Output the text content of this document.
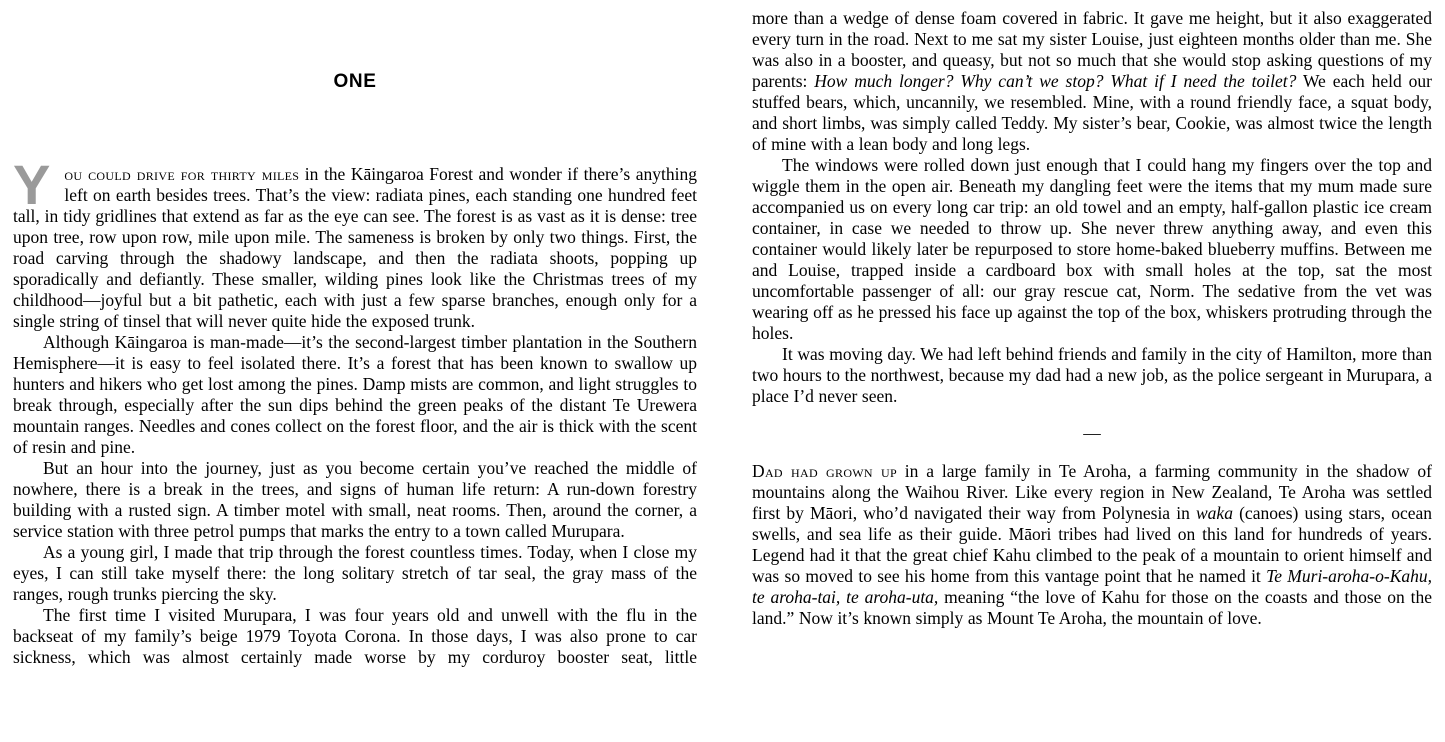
ONE

You could drive for thirty miles in the Kāingaroa Forest and wonder if there’s anything left on earth besides trees. That’s the view: radiata pines, each standing one hundred feet tall, in tidy gridlines that extend as far as the eye can see. The forest is as vast as it is dense: tree upon tree, row upon row, mile upon mile. The sameness is broken by only two things. First, the road carving through the shadowy landscape, and then the radiata shoots, popping up sporadically and defiantly. These smaller, wilding pines look like the Christmas trees of my childhood—joyful but a bit pathetic, each with just a few sparse branches, enough only for a single string of tinsel that will never quite hide the exposed trunk.

Although Kāingaroa is man-made—it’s the second-largest timber plantation in the Southern Hemisphere—it is easy to feel isolated there. It’s a forest that has been known to swallow up hunters and hikers who get lost among the pines. Damp mists are common, and light struggles to break through, especially after the sun dips behind the green peaks of the distant Te Urewera mountain ranges. Needles and cones collect on the forest floor, and the air is thick with the scent of resin and pine.

But an hour into the journey, just as you become certain you’ve reached the middle of nowhere, there is a break in the trees, and signs of human life return: A run-down forestry building with a rusted sign. A timber motel with small, neat rooms. Then, around the corner, a service station with three petrol pumps that marks the entry to a town called Murupara.

As a young girl, I made that trip through the forest countless times. Today, when I close my eyes, I can still take myself there: the long solitary stretch of tar seal, the gray mass of the ranges, rough trunks piercing the sky.

The first time I visited Murupara, I was four years old and unwell with the flu in the backseat of my family’s beige 1979 Toyota Corona. In those days, I was also prone to car sickness, which was almost certainly made worse by my corduroy booster seat, little

more than a wedge of dense foam covered in fabric. It gave me height, but it also exaggerated every turn in the road. Next to me sat my sister Louise, just eighteen months older than me. She was also in a booster, and queasy, but not so much that she would stop asking questions of my parents: How much longer? Why can’t we stop? What if I need the toilet? We each held our stuffed bears, which, uncannily, we resembled. Mine, with a round friendly face, a squat body, and short limbs, was simply called Teddy. My sister’s bear, Cookie, was almost twice the length of mine with a lean body and long legs.

The windows were rolled down just enough that I could hang my fingers over the top and wiggle them in the open air. Beneath my dangling feet were the items that my mum made sure accompanied us on every long car trip: an old towel and an empty, half-gallon plastic ice cream container, in case we needed to throw up. She never threw anything away, and even this container would likely later be repurposed to store home-baked blueberry muffins. Between me and Louise, trapped inside a cardboard box with small holes at the top, sat the most uncomfortable passenger of all: our gray rescue cat, Norm. The sedative from the vet was wearing off as he pressed his face up against the top of the box, whiskers protruding through the holes.

It was moving day. We had left behind friends and family in the city of Hamilton, more than two hours to the northwest, because my dad had a new job, as the police sergeant in Murupara, a place I’d never seen.

—

Dad had grown up in a large family in Te Aroha, a farming community in the shadow of mountains along the Waihou River. Like every region in New Zealand, Te Aroha was settled first by Māori, who’d navigated their way from Polynesia in waka (canoes) using stars, ocean swells, and sea life as their guide. Māori tribes had lived on this land for hundreds of years. Legend had it that the great chief Kahu climbed to the peak of a mountain to orient himself and was so moved to see his home from this vantage point that he named it Te Muri-aroha-o-Kahu, te aroha-tai, te aroha-uta, meaning “the love of Kahu for those on the coasts and those on the land.” Now it’s known simply as Mount Te Aroha, the mountain of love.
